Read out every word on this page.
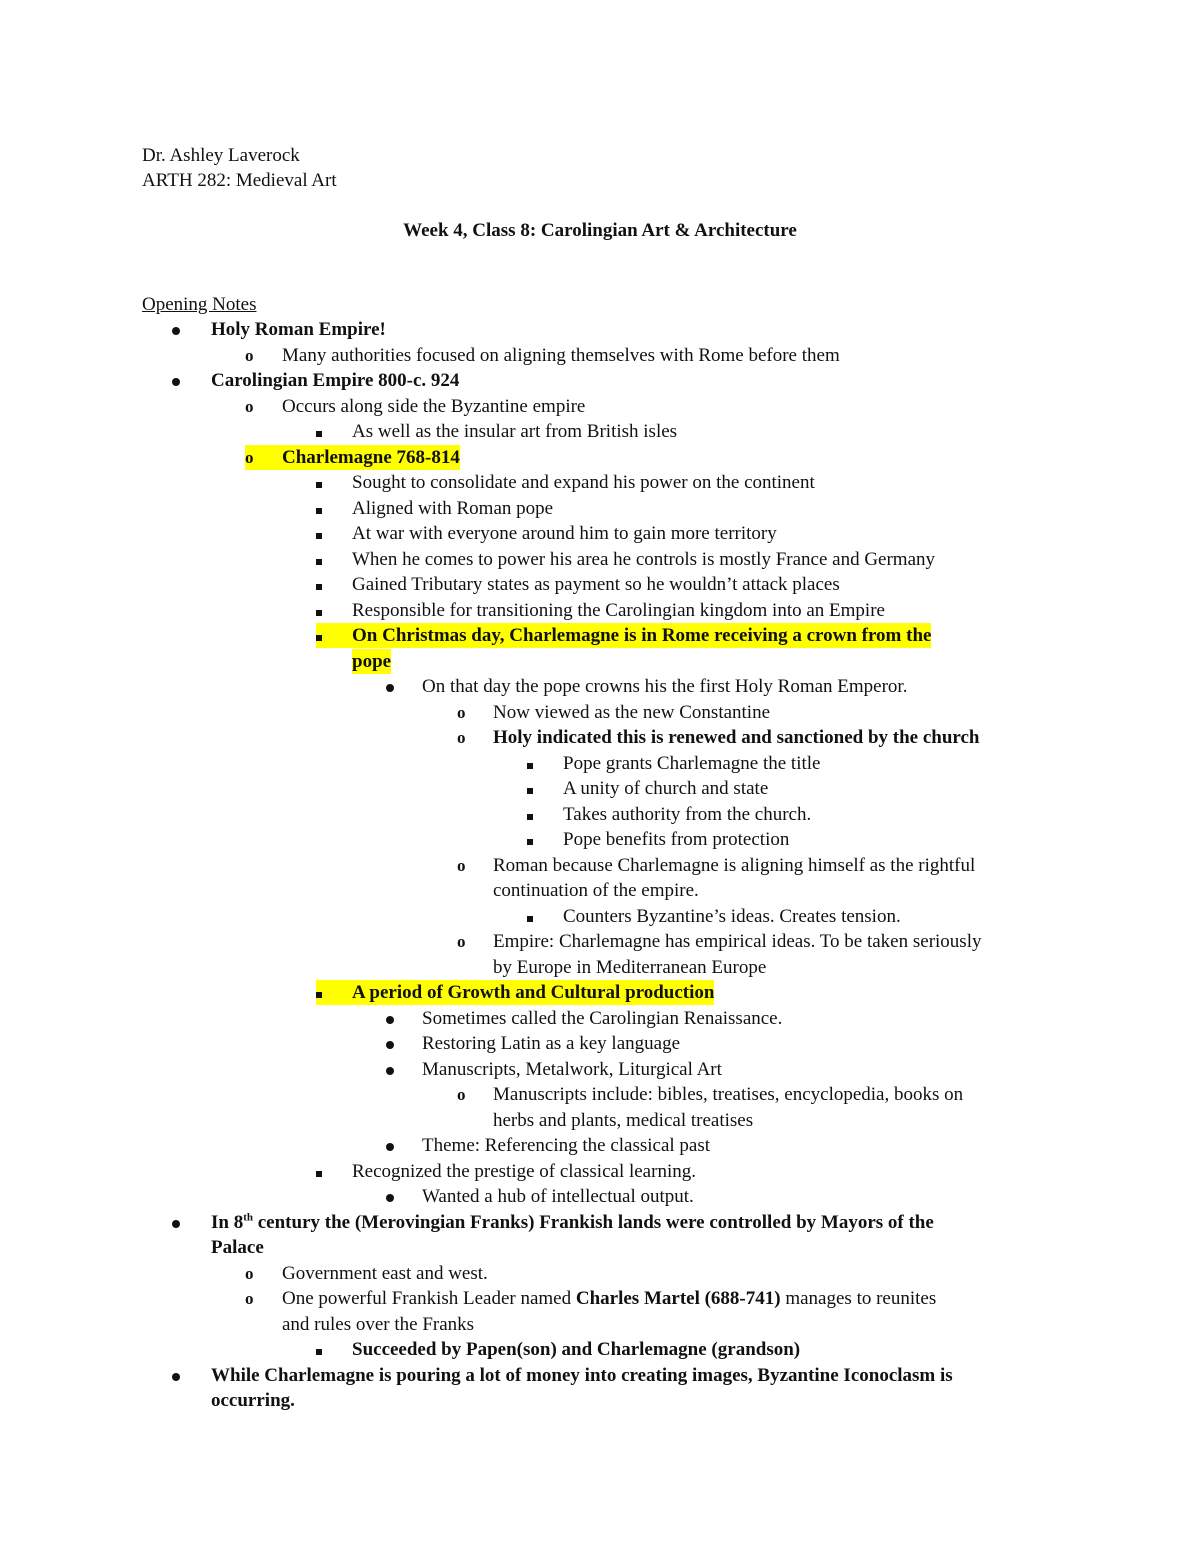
Dr. Ashley Laverock
ARTH 282: Medieval Art
Week 4, Class 8: Carolingian Art & Architecture
Opening Notes
Holy Roman Empire!
o	Many authorities focused on aligning themselves with Rome before them
Carolingian Empire 800-c. 924
o	Occurs along side the Byzantine empire
As well as the insular art from British isles
o	Charlemagne 768-814
Sought to consolidate and expand his power on the continent
Aligned with Roman pope
At war with everyone around him to gain more territory
When he comes to power his area he controls is mostly France and Germany
Gained Tributary states as payment so he wouldn’t attack places
Responsible for transitioning the Carolingian kingdom into an Empire
On Christmas day, Charlemagne is in Rome receiving a crown from the
pope
On that day the pope crowns his the first Holy Roman Emperor.
o	Now viewed as the new Constantine
o	Holy indicated this is renewed and sanctioned by the church
Pope grants Charlemagne the title
A unity of church and state
Takes authority from the church.
Pope benefits from protection
o	Roman because Charlemagne is aligning himself as the rightful
continuation of the empire.
Counters Byzantine’s ideas. Creates tension.
o	Empire: Charlemagne has empirical ideas. To be taken seriously
by Europe in Mediterranean Europe
A period of Growth and Cultural production
Sometimes called the Carolingian Renaissance.
Restoring Latin as a key language
Manuscripts, Metalwork, Liturgical Art
o	Manuscripts include: bibles, treatises, encyclopedia, books on
herbs and plants, medical treatises
Theme: Referencing the classical past
Recognized the prestige of classical learning.
Wanted a hub of intellectual output.
In 8th century the (Merovingian Franks) Frankish lands were controlled by Mayors of the
Palace
o	Government east and west.
o	One powerful Frankish Leader named Charles Martel (688-741) manages to reunites
and rules over the Franks
Succeeded by Papen(son) and Charlemagne (grandson)
While Charlemagne is pouring a lot of money into creating images, Byzantine Iconoclasm is
occurring.
